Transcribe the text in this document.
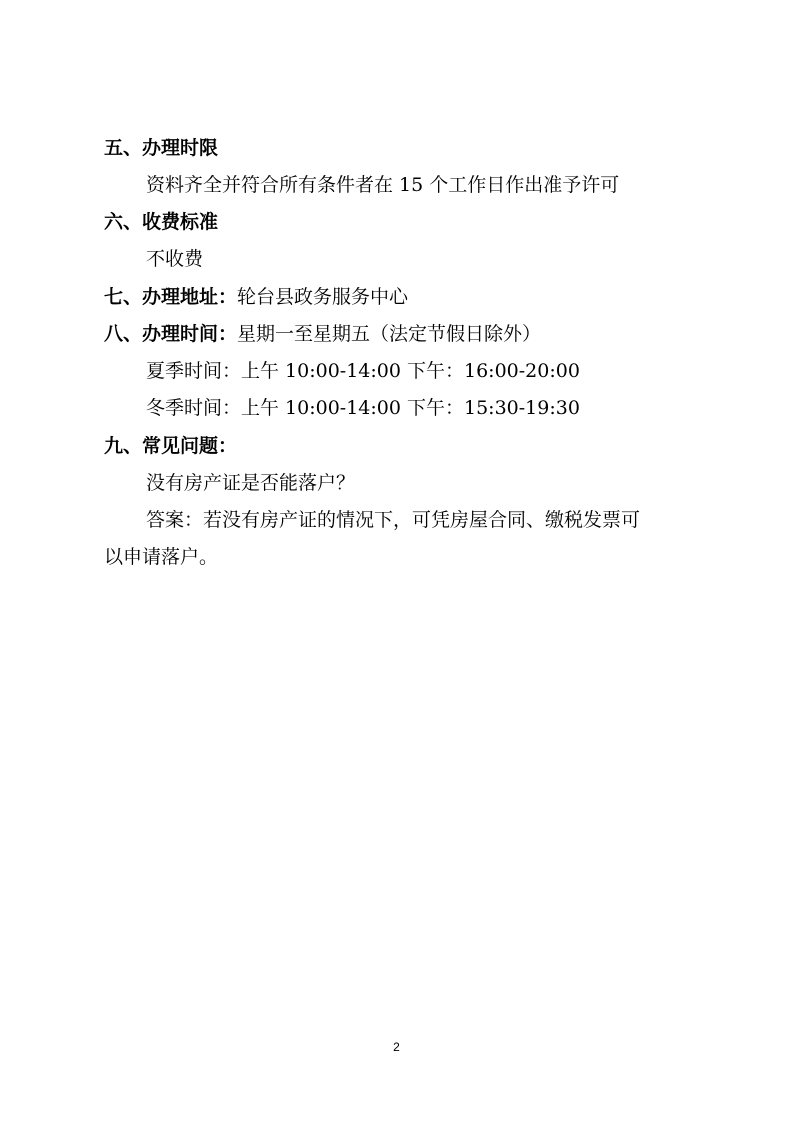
五、办理时限
资料齐全并符合所有条件者在 15 个工作日作出准予许可
六、收费标准
不收费
七、办理地址：轮台县政务服务中心
八、办理时间：星期一至星期五（法定节假日除外）
夏季时间：上午 10:00-14:00 下午：16:00-20:00
冬季时间：上午 10:00-14:00 下午：15:30-19:30
九、常见问题：
没有房产证是否能落户？
答案：若没有房产证的情况下，可凭房屋合同、缴税发票可
以申请落户。
2
